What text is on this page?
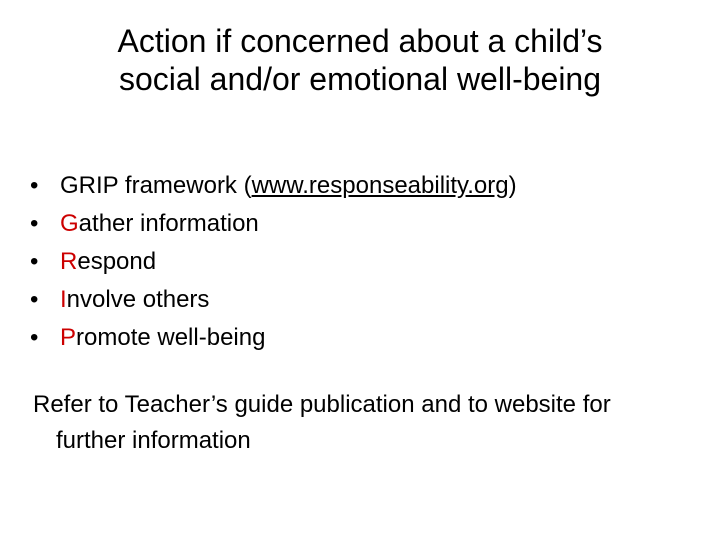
Action if concerned about a child’s
social and/or emotional well-being
• GRIP framework (www.responseability.org)
• Gather information
• Respond
• Involve others
• Promote well-being
Refer to Teacher’s guide publication and to website for
further information
